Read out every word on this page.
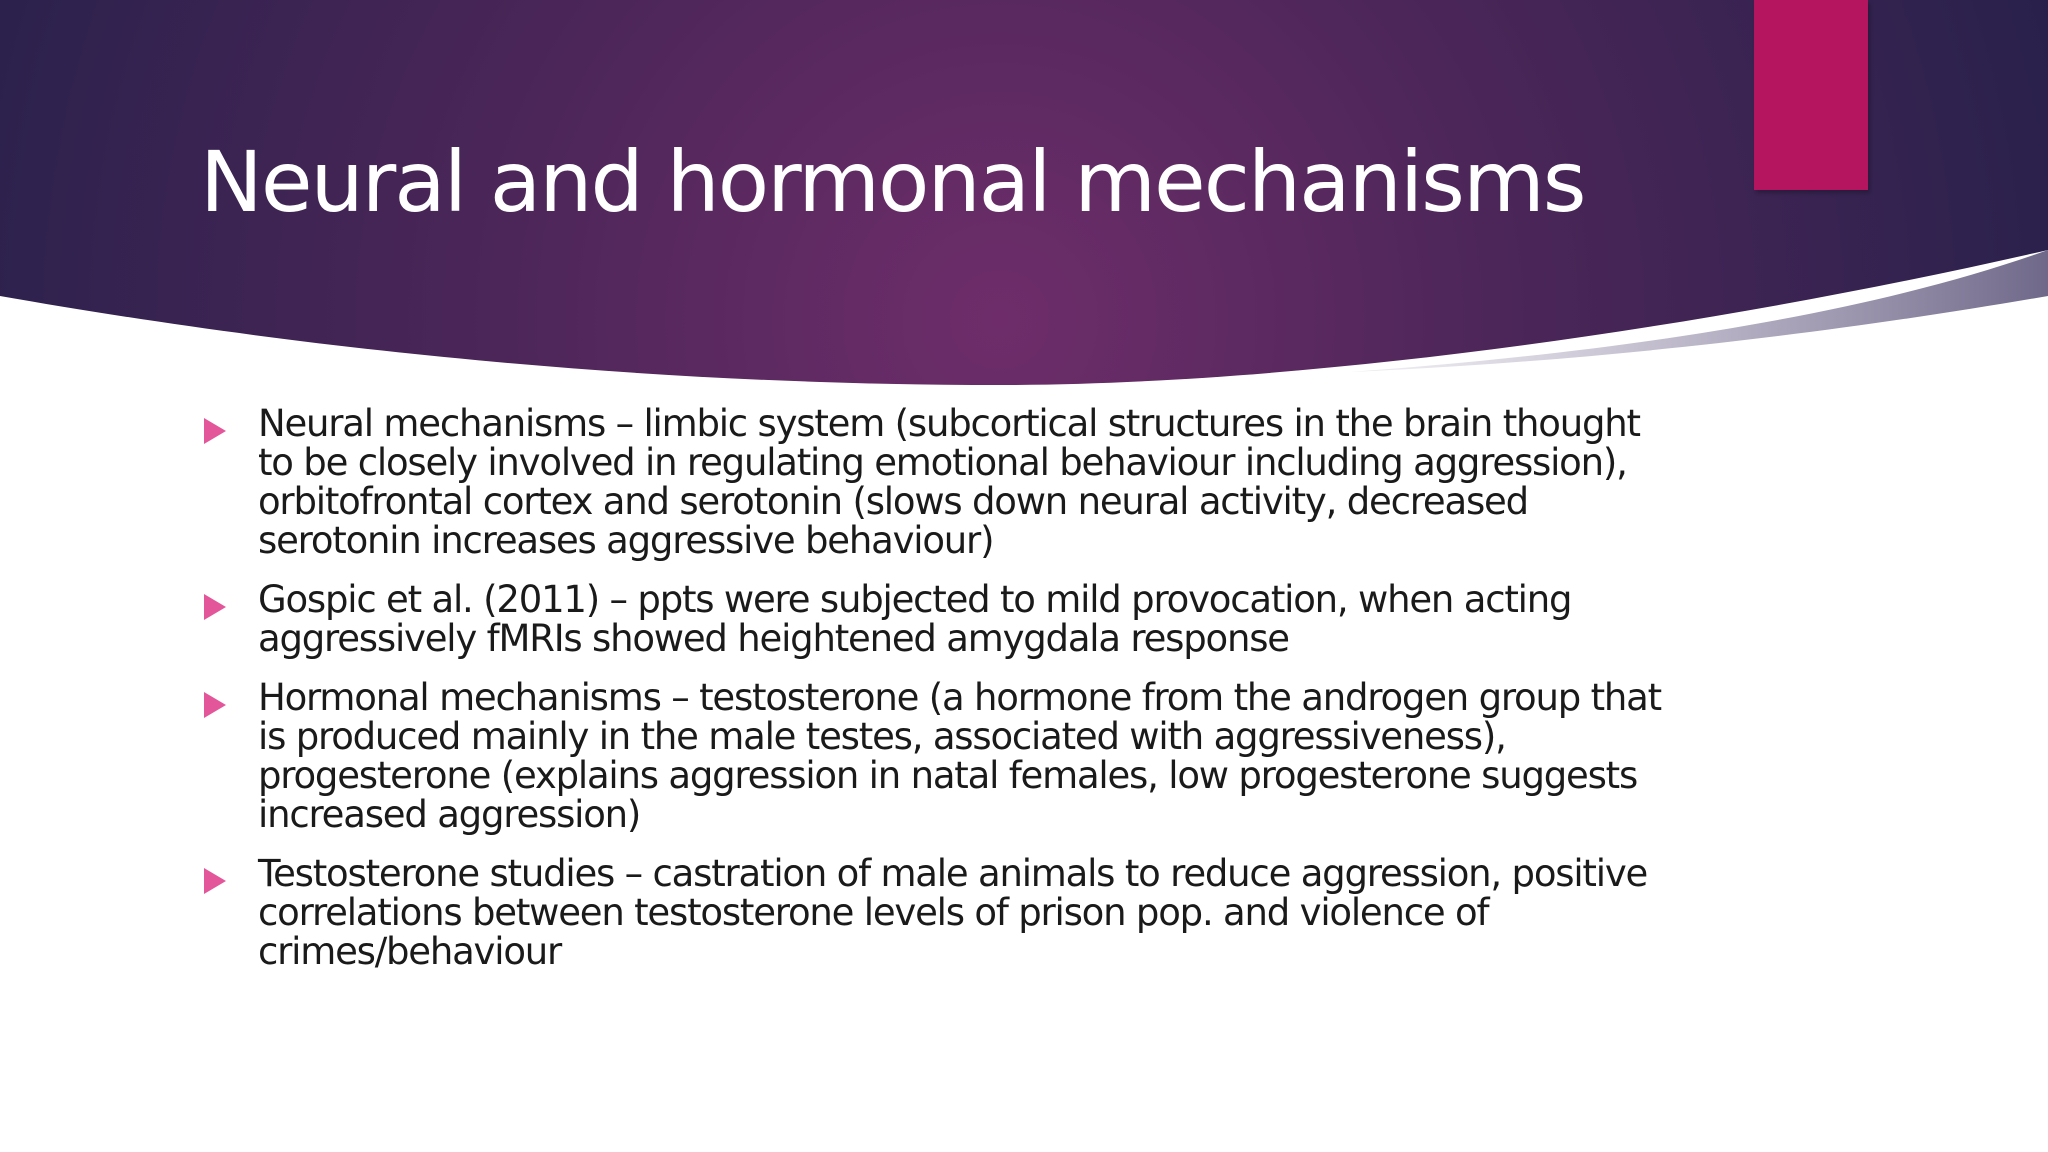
Neural and hormonal mechanisms
Neural mechanisms – limbic system (subcortical structures in the brain thought to be closely involved in regulating emotional behaviour including aggression), orbitofrontal cortex and serotonin (slows down neural activity, decreased serotonin increases aggressive behaviour)
Gospic et al. (2011) – ppts were subjected to mild provocation, when acting aggressively fMRIs showed heightened amygdala response
Hormonal mechanisms – testosterone (a hormone from the androgen group that is produced mainly in the male testes, associated with aggressiveness), progesterone (explains aggression in natal females, low progesterone suggests increased aggression)
Testosterone studies – castration of male animals to reduce aggression, positive correlations between testosterone levels of prison pop. and violence of crimes/behaviour
